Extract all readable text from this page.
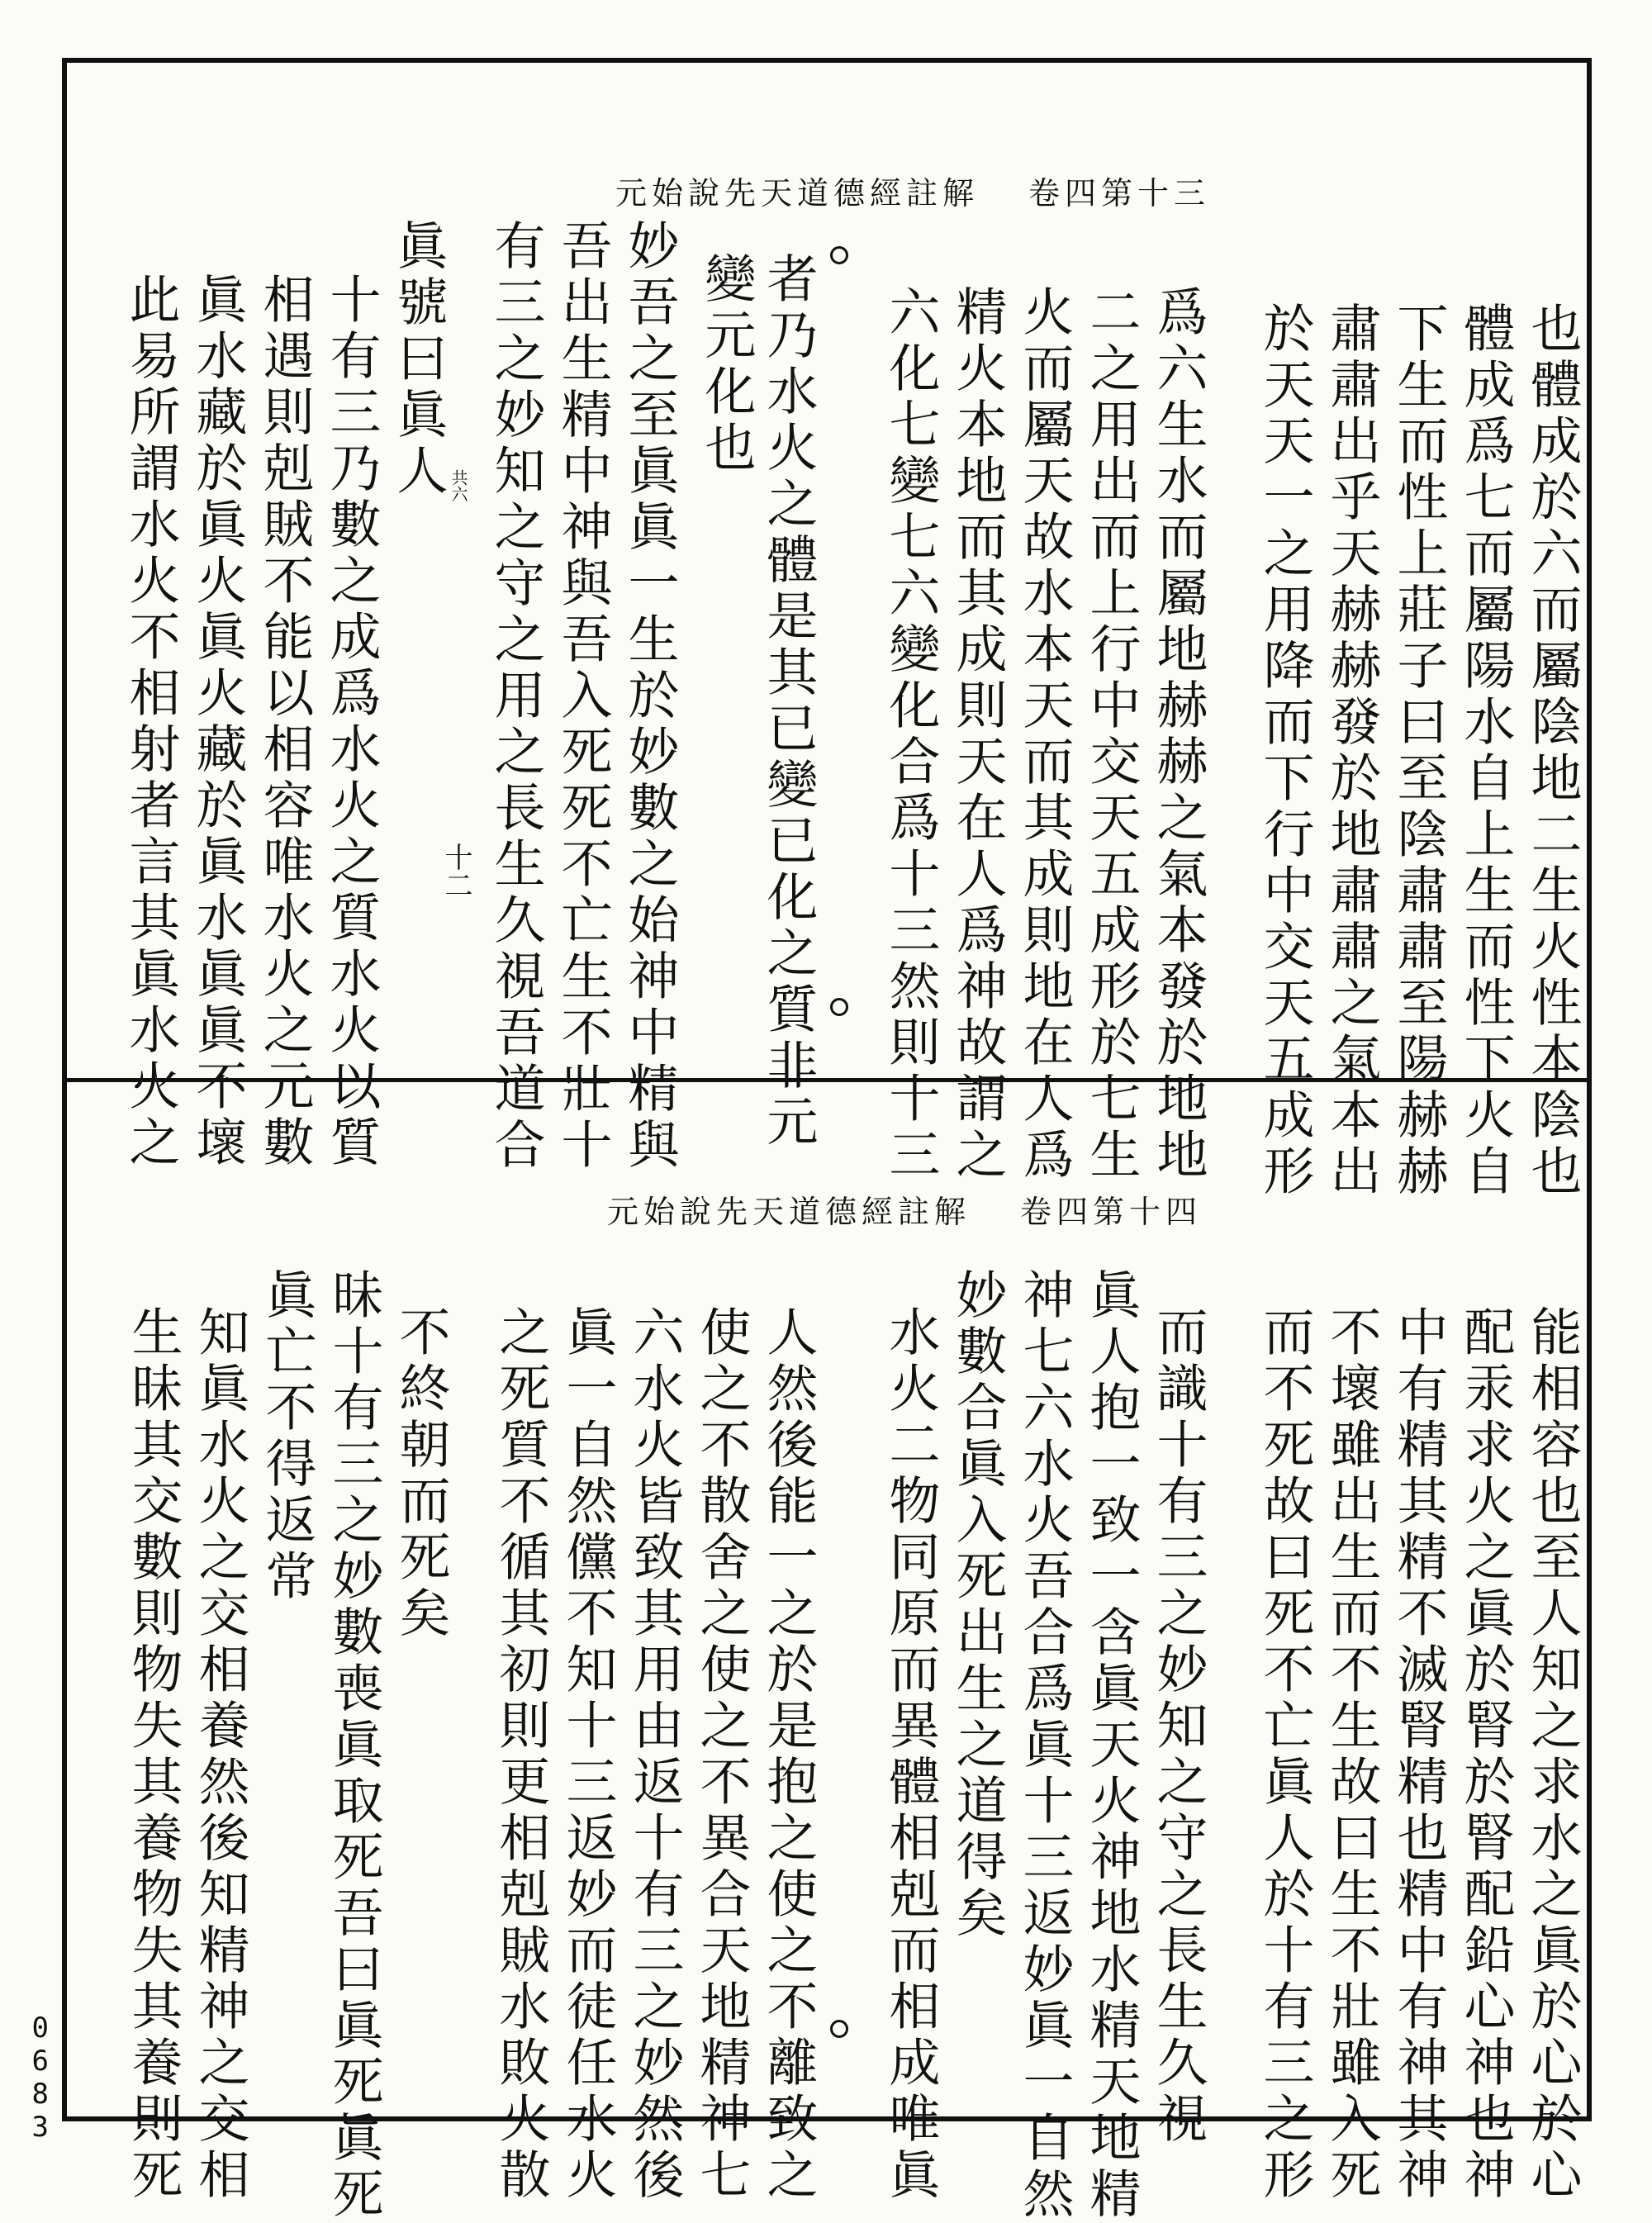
元始說先天道德經註解 卷四第十三
也體成於六而屬陰地二生火性本陰也
體成爲七而屬陽水自上生而性下火自
下生而性上莊子曰至陰肅肅至陽赫赫
肅肅出乎天赫赫發於地肅肅之氣本出
於天天一之用降而下行中交天五成形
爲六生水而屬地赫赫之氣本發於地地
二之用出而上行中交天五成形於七生
火而屬天故水本天而其成則地在人爲
精火本地而其成則天在人爲神故謂之
六化七變七六變化合爲十三然則十三
者乃水火之體是其已變已化之質非元
變元化也
妙吾之至眞眞一生於妙數之始神中精與
吾出生精中神與吾入死死不亡生不壯十
有三之妙知之守之用之長生久視吾道合
眞號曰眞人
十有三乃數之成爲水火之質水火以質
相遇則剋賊不能以相容唯水火之元數
眞水藏於眞火眞火藏於眞水眞眞不壞
此易所謂水火不相射者言其眞水火之	共六
十二
元始說先天道德經註解 卷四第十四
能相容也至人知之求水之眞於心於心
配汞求火之眞於腎於腎配鉛心神也神
中有精其精不滅腎精也精中有神其神
不壞雖出生而不生故曰生不壯雖入死
而不死故曰死不亡眞人於十有三之形
而識十有三之妙知之守之長生久視
眞人抱一致一含眞天火神地水精天地精
神七六水火吾合爲眞十三返妙眞一自然
妙數合眞入死出生之道得矣
水火二物同原而異體相剋而相成唯眞
人然後能一之於是抱之使之不離致之
使之不散舍之使之不異合天地精神七
六水火皆致其用由返十有三之妙然後
眞一自然儻不知十三返妙而徒任水火
之死質不循其初則更相剋賊水敗火散
不終朝而死矣
昧十有三之妙數喪眞取死吾曰眞死眞死
眞亡不得返常
知眞水火之交相養然後知精神之交相
生昧其交數則物失其養物失其養則死
0683
